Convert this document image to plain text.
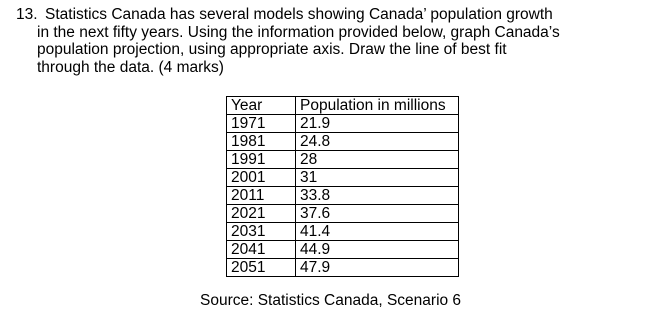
13. Statistics Canada has several models showing Canada’ population growth
in the next fifty years. Using the information provided below, graph Canada’s
population projection, using appropriate axis. Draw the line of best fit
through the data. (4 marks)
Year	Population in millions
1971	21.9
1981	24.8
1991	28
2001	31
2011	33.8
2021	37.6
2031	41.4
2041	44.9
2051	47.9
Source: Statistics Canada, Scenario 6
